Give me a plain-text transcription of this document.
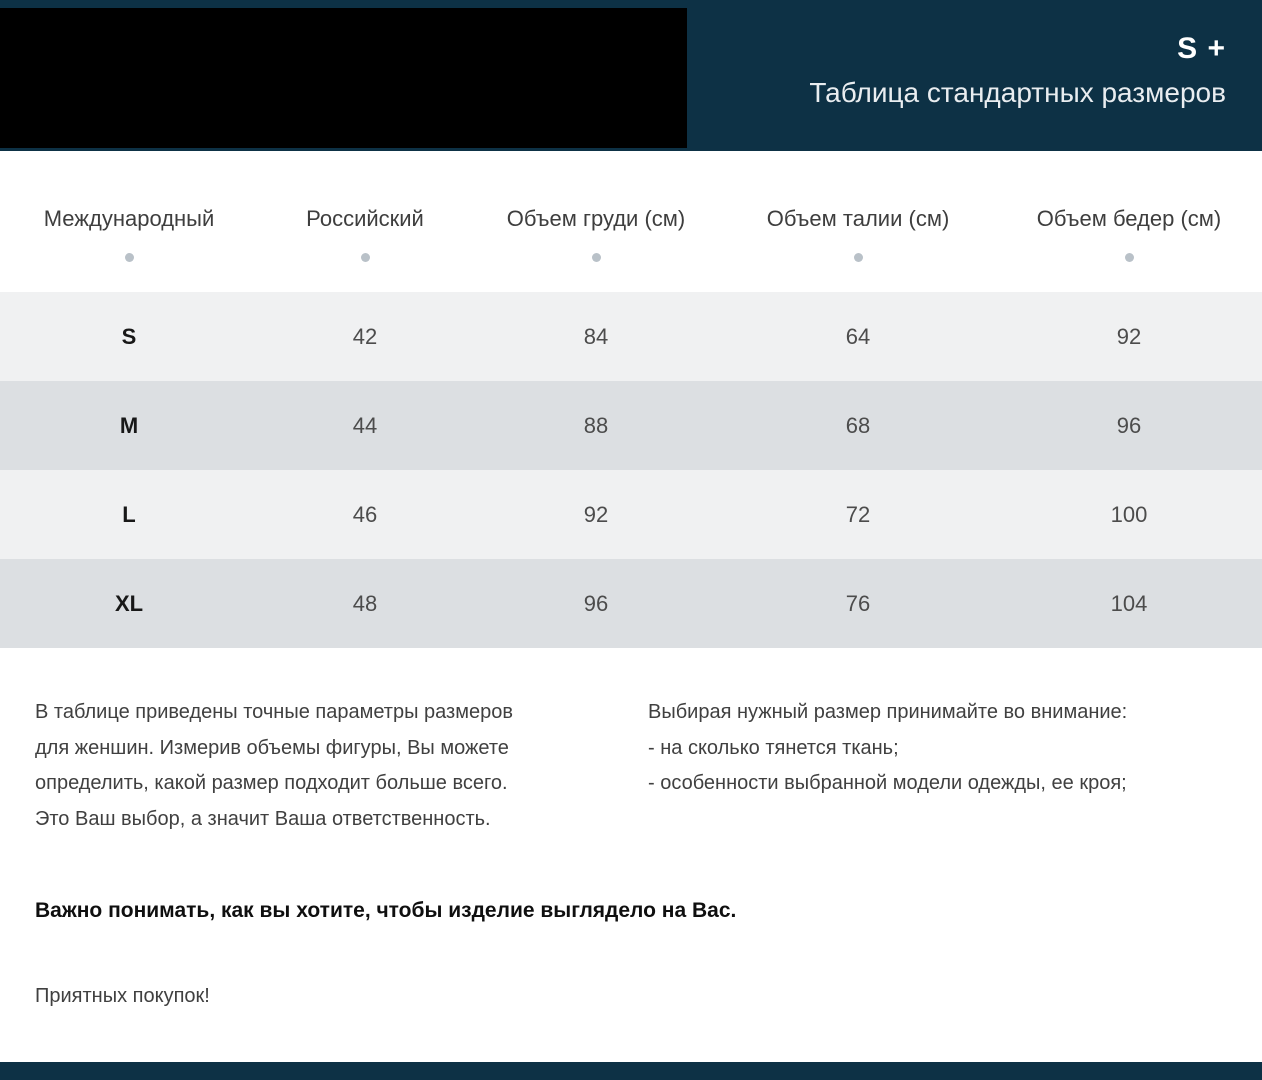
S +
Таблица стандартных размеров
Международный	Российский	Объем груди (см)	Объем талии (см)	Объем бедер (см)
S	42	84	64	92
M	44	88	68	96
L	46	92	72	100
XL	48	96	76	104
В таблице приведены точные параметры размеров
для женшин. Измерив объемы фигуры, Вы можете
определить, какой размер подходит больше всего.
Это Ваш выбор, а значит Ваша ответственность.
Выбирая нужный размер принимайте во внимание:
- на сколько тянется ткань;
- особенности выбранной модели одежды, ее кроя;
Важно понимать, как вы хотите, чтобы изделие выглядело на Вас.
Приятных покупок!
